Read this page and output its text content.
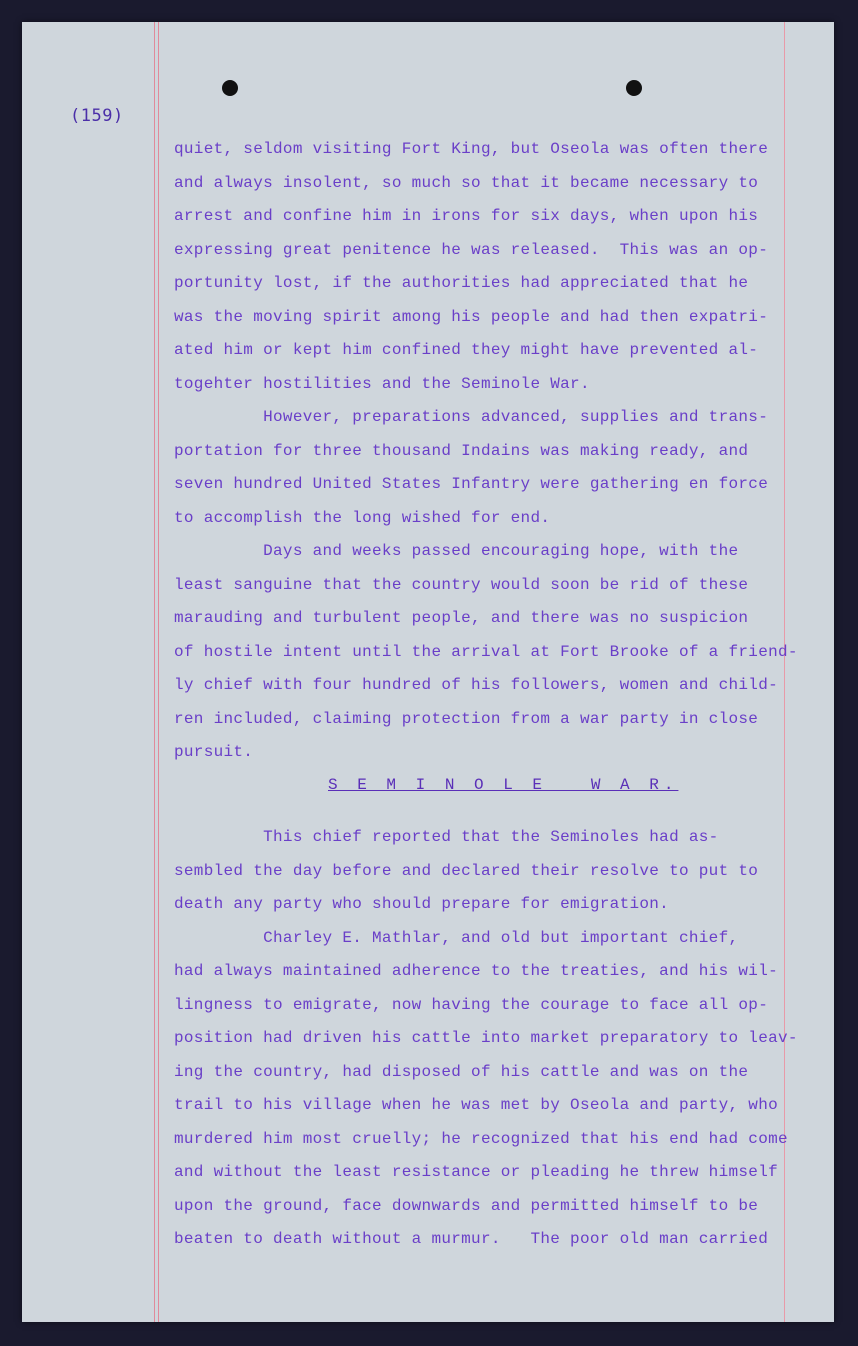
(159)
quiet, seldom visiting Fort King, but Oseola was often there
and always insolent, so much so that it became necessary to
arrest and confine him in irons for six days, when upon his
expressing great penitence he was released.  This was an op-
portunity lost, if the authorities had appreciated that he
was the moving spirit among his people and had then expatri-
ated him or kept him confined they might have prevented al-
togehter hostilities and the Seminole War.
However, preparations advanced, supplies and trans-
portation for three thousand Indains was making ready, and
seven hundred United States Infantry were gathering en force
to accomplish the long wished for end.
Days and weeks passed encouraging hope, with the
least sanguine that the country would soon be rid of these
marauding and turbulent people, and there was no suspicion
of hostile intent until the arrival at Fort Brooke of a friend-
ly chief with four hundred of his followers, women and child-
ren included, claiming protection from a war party in close
pursuit.
S E M I N O L E   W A R.
This chief reported that the Seminoles had as-
sembled the day before and declared their resolve to put to
death any party who should prepare for emigration.
Charley E. Mathlar, and old but important chief,
had always maintained adherence to the treaties, and his wil-
lingness to emigrate, now having the courage to face all op-
position had driven his cattle into market preparatory to leav-
ing the country, had disposed of his cattle and was on the
trail to his village when he was met by Oseola and party, who
murdered him most cruelly; he recognized that his end had come
and without the least resistance or pleading he threw himself
upon the ground, face downwards and permitted himself to be
beaten to death without a murmur.   The poor old man carried
